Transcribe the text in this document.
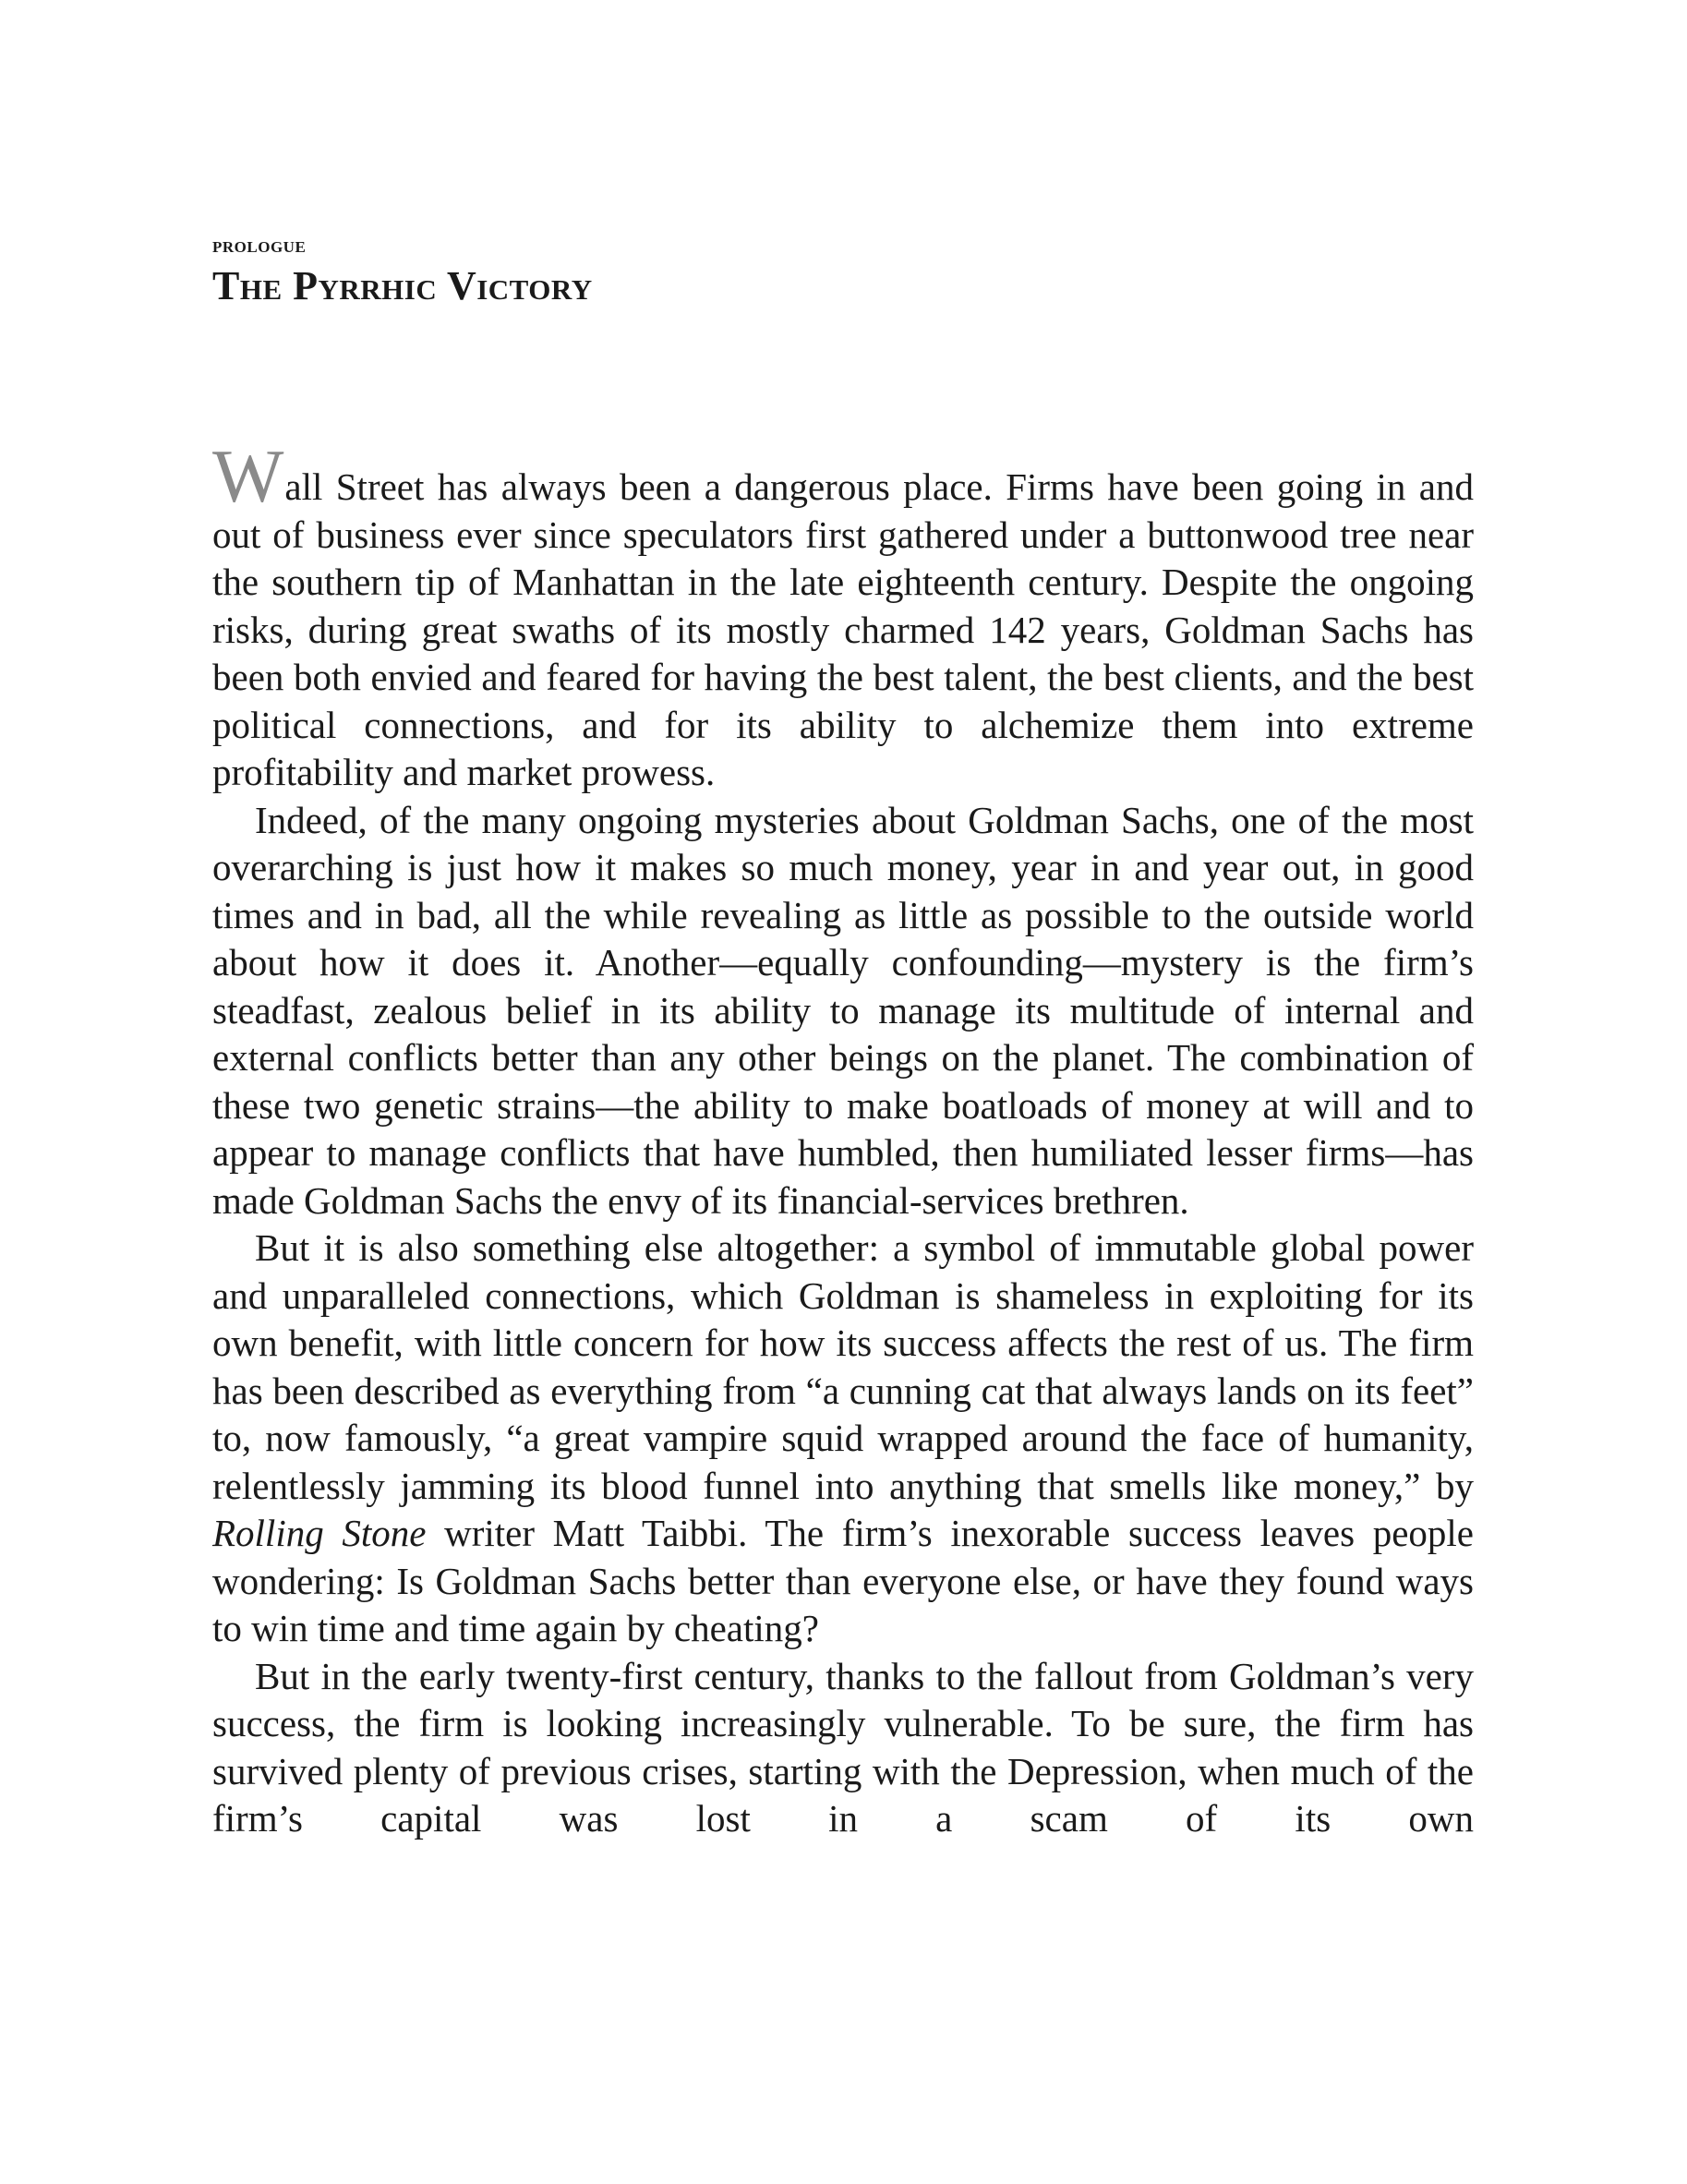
PROLOGUE

The Pyrrhic Victory

Wall Street has always been a dangerous place. Firms have been going in and out of business ever since speculators first gathered under a buttonwood tree near the southern tip of Manhattan in the late eighteenth century. Despite the ongoing risks, during great swaths of its mostly charmed 142 years, Goldman Sachs has been both envied and feared for having the best talent, the best clients, and the best political connections, and for its ability to alchemize them into extreme profitability and market prowess.

Indeed, of the many ongoing mysteries about Goldman Sachs, one of the most overarching is just how it makes so much money, year in and year out, in good times and in bad, all the while revealing as little as possible to the outside world about how it does it. Another—equally confounding—mystery is the firm’s steadfast, zealous belief in its ability to manage its multitude of internal and external conflicts better than any other beings on the planet. The combination of these two genetic strains—the ability to make boatloads of money at will and to appear to manage conflicts that have humbled, then humiliated lesser firms—has made Goldman Sachs the envy of its financial-services brethren.

But it is also something else altogether: a symbol of immutable global power and unparalleled connections, which Goldman is shameless in exploiting for its own benefit, with little concern for how its success affects the rest of us. The firm has been described as everything from “a cunning cat that always lands on its feet” to, now famously, “a great vampire squid wrapped around the face of humanity, relentlessly jamming its blood funnel into anything that smells like money,” by Rolling Stone writer Matt Taibbi. The firm’s inexorable success leaves people wondering: Is Goldman Sachs better than everyone else, or have they found ways to win time and time again by cheating?

But in the early twenty-first century, thanks to the fallout from Goldman’s very success, the firm is looking increasingly vulnerable. To be sure, the firm has survived plenty of previous crises, starting with the Depression, when much of the firm’s capital was lost in a scam of its own
